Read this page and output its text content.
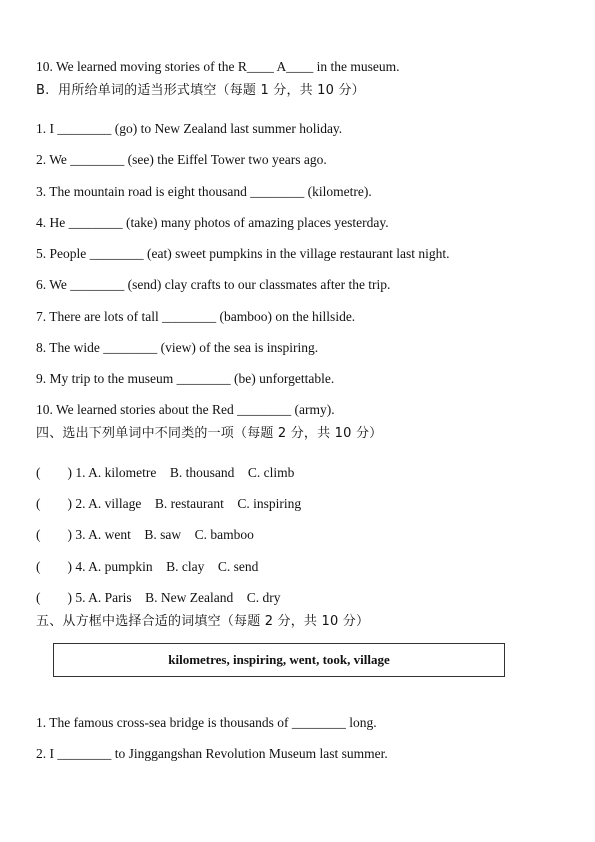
10. We learned moving stories of the R____ A____ in the museum.
B.  用所给单词的适当形式填空（每题 1 分，共 10 分）
1. I ________ (go) to New Zealand last summer holiday.
2. We ________ (see) the Eiffel Tower two years ago.
3. The mountain road is eight thousand ________ (kilometre).
4. He ________ (take) many photos of amazing places yesterday.
5. People ________ (eat) sweet pumpkins in the village restaurant last night.
6. We ________ (send) clay crafts to our classmates after the trip.
7. There are lots of tall ________ (bamboo) on the hillside.
8. The wide ________ (view) of the sea is inspiring.
9. My trip to the museum ________ (be) unforgettable.
10. We learned stories about the Red ________ (army).
四、选出下列单词中不同类的一项（每题 2 分，共 10 分）
(        ) 1. A. kilometre    B. thousand    C. climb
(        ) 2. A. village    B. restaurant    C. inspiring
(        ) 3. A. went    B. saw    C. bamboo
(        ) 4. A. pumpkin    B. clay    C. send
(        ) 5. A. Paris    B. New Zealand    C. dry
五、从方框中选择合适的词填空（每题 2 分，共 10 分）
kilometres, inspiring, went, took, village
1. The famous cross-sea bridge is thousands of ________ long.
2. I ________ to Jinggangshan Revolution Museum last summer.
